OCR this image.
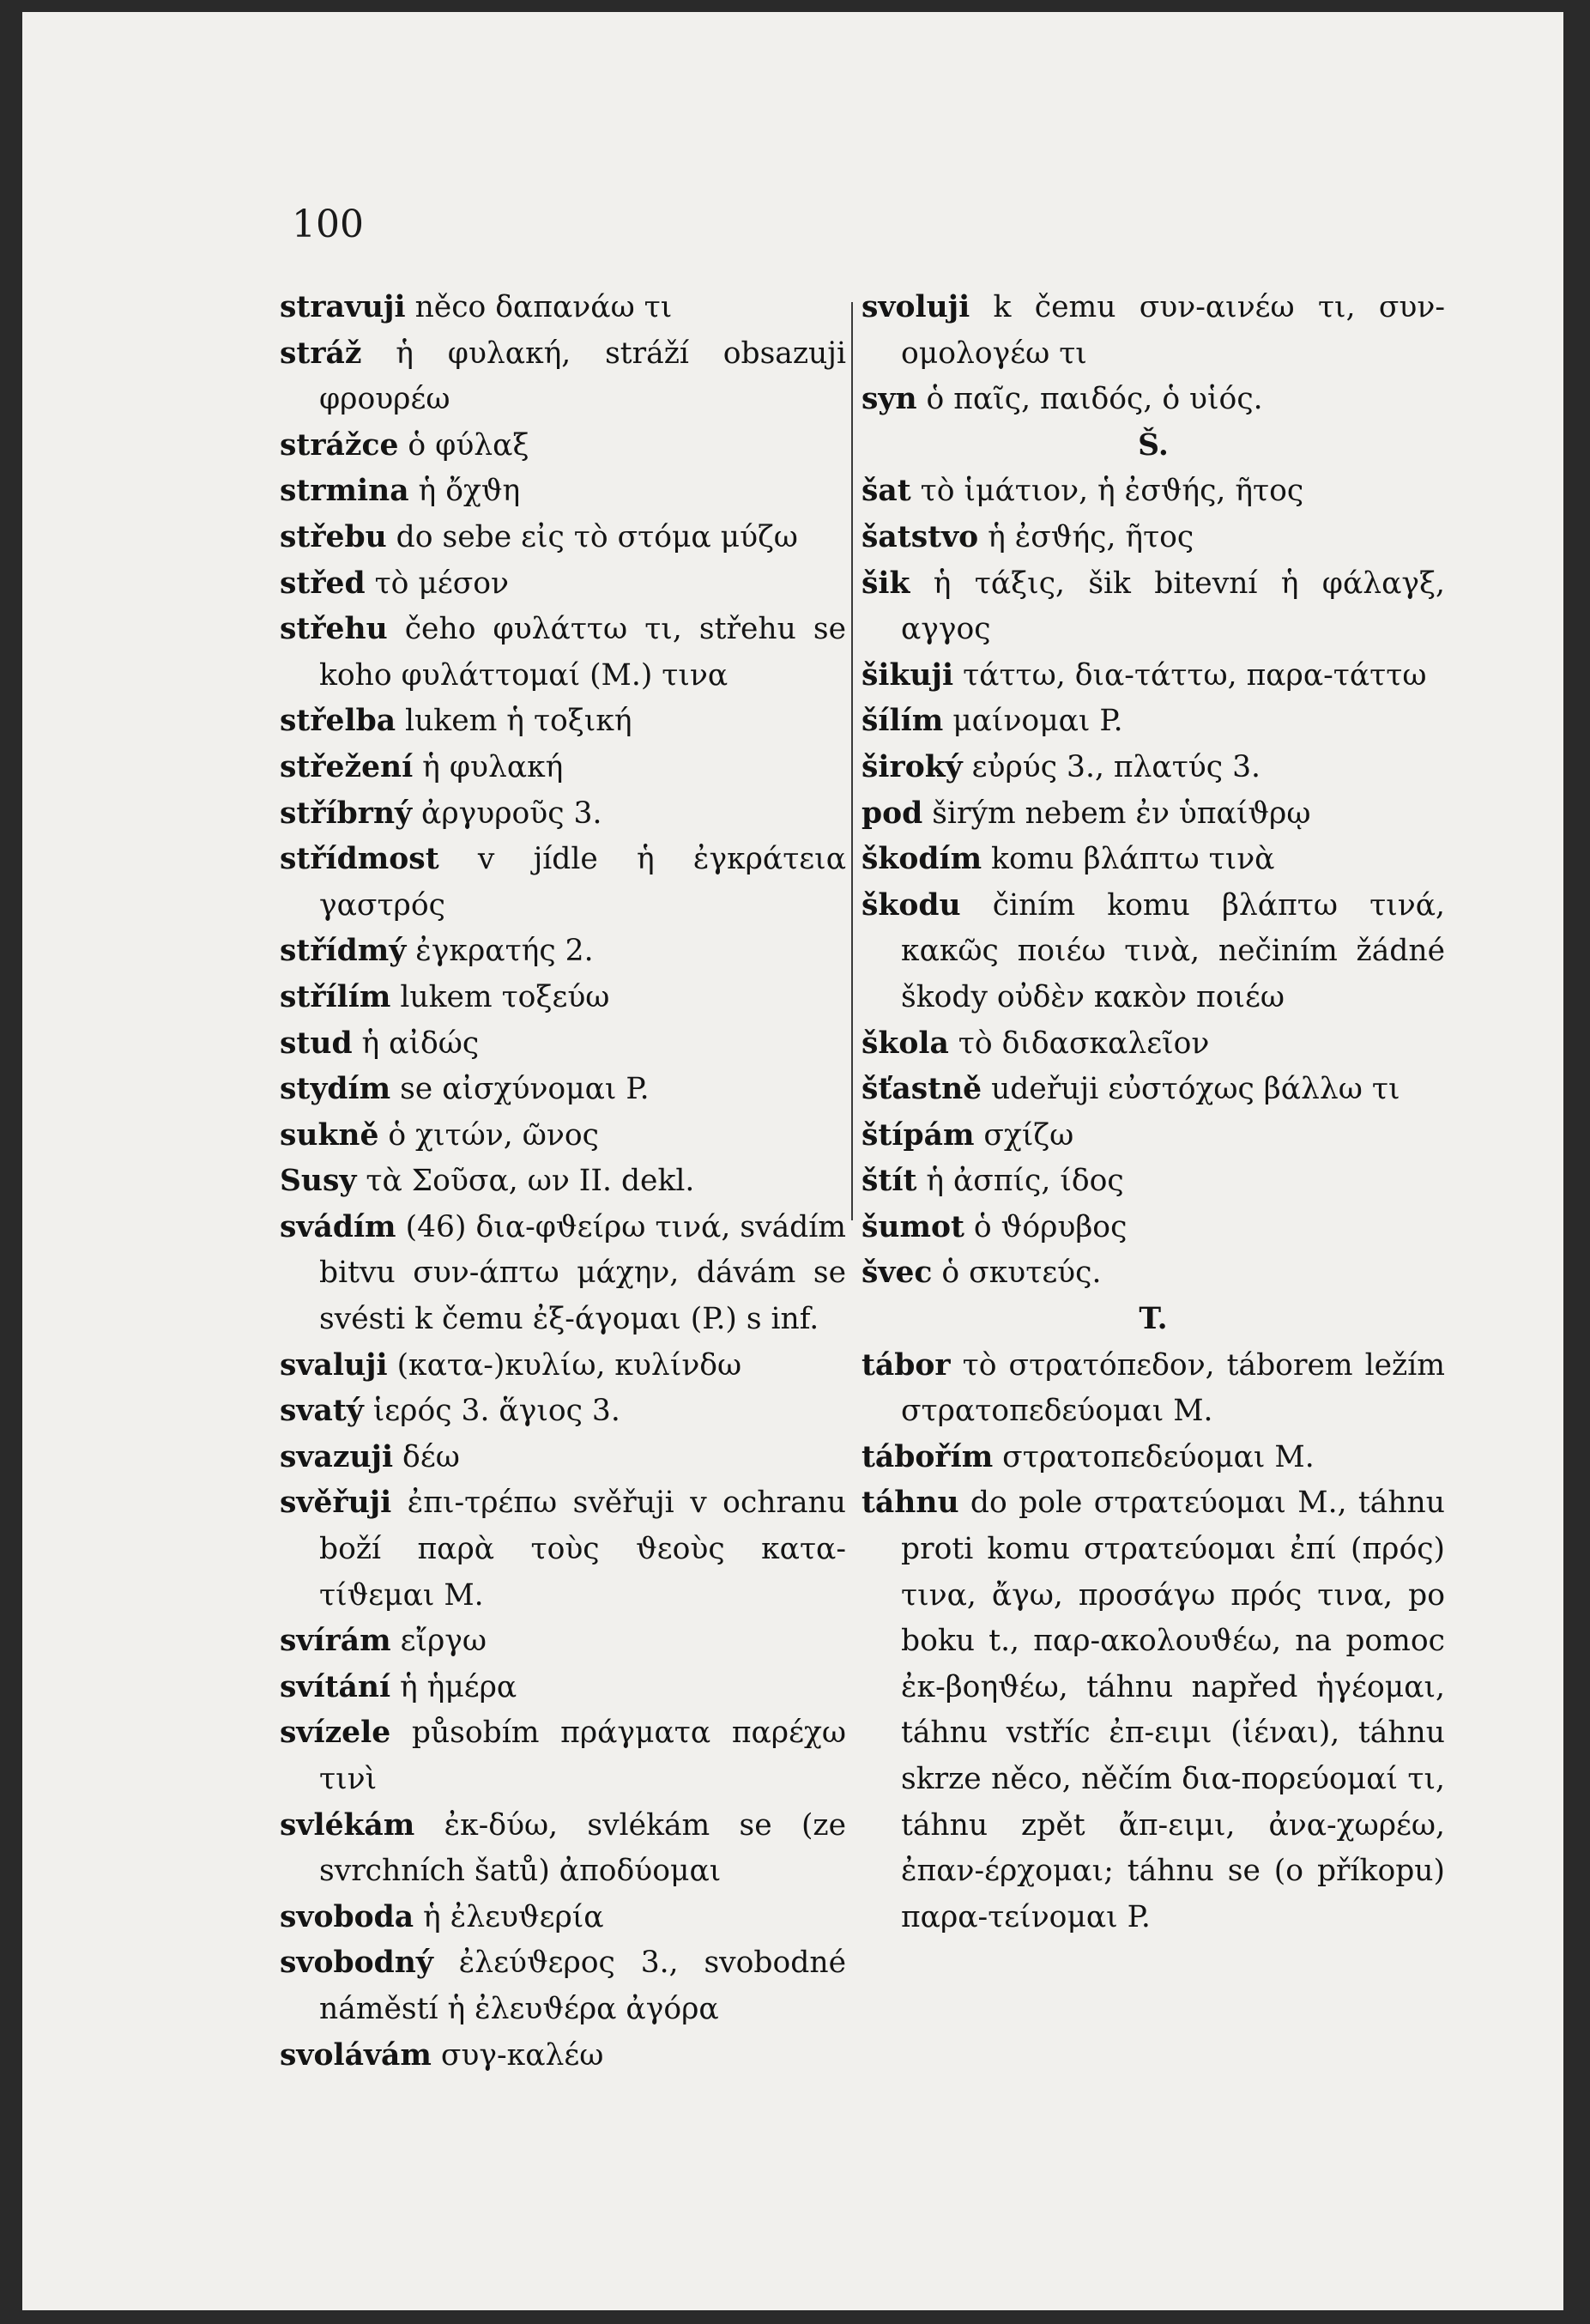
100

stravuji něco δαπανάω τι

stráž ἡ φυλακή, stráží obsazuji φρουρέω

strážce ὁ φύλαξ

strmina ἡ ὄχϑη

střebu do sebe εἰς τὸ στόμα μύζω

střed τὸ μέσον

střehu čeho φυλάττω τι, střehu se koho φυλάττομαί (M.) τινα

střelba lukem ἡ τοξική

střežení ἡ φυλακή

stříbrný ἀργυροῦς 3.

střídmost v jídle ἡ ἐγκράτεια γαστρός

střídmý ἐγκρατής 2.

střílím lukem τοξεύω

stud ἡ αἰδώς

stydím se αἰσχύνομαι P.

sukně ὁ χιτών, ῶνος

Susy τὰ Σοῦσα, ων II. dekl.

svádím (46) δια-φϑείρω τινά, svádím bitvu συν-άπτω μάχην, dávám se svésti k čemu ἐξ-άγομαι (P.) s inf.

svaluji (κατα-)κυλίω, κυλίνδω

svatý ἱερός 3. ἅγιος 3.

svazuji δέω

svěřuji ἐπι-τρέπω svěřuji v ochranu boží παρὰ τοὺς ϑεοὺς κατα-τίϑεμαι M.

svírám εἴργω

svítání ἡ ἡμέρα

svízele působím πράγματα παρέχω τινὶ

svlékám ἐκ-δύω, svlékám se (ze svrchních šatů) ἀποδύομαι

svoboda ἡ ἐλευϑερία

svobodný ἐλεύϑερος 3., svobodné náměstí ἡ ἐλευϑέρα ἀγόρα

svolávám συγ-καλέω

svoluji k čemu συν-αινέω τι, συν-ομολογέω τι

syn ὁ παῖς, παιδός, ὁ υἱός.

Š.

šat τὸ ἱμάτιον, ἡ ἐσϑής, ῆτος

šatstvo ἡ ἐσϑής, ῆτος

šik ἡ τάξις, šik bitevní ἡ φάλαγξ, αγγος

šikuji τάττω, δια-τάττω, παρα-τάττω

šílím μαίνομαι P.

široký εὐρύς 3., πλατύς 3.

pod širým nebem ἐν ὑπαίϑρῳ

škodím komu βλάπτω τινὰ

škodu činím komu βλάπτω τινά, κακῶς ποιέω τινὰ, nečiním žádné škody οὐδὲν κακὸν ποιέω

škola τὸ διδασκαλεῖον

šťastně udeřuji εὐστόχως βάλλω τι

štípám σχίζω

štít ἡ ἀσπίς, ίδος

šumot ὁ ϑόρυβος

švec ὁ σκυτεύς.

T.

tábor τὸ στρατόπεδον, táborem ležím στρατοπεδεύομαι M.

tábořím στρατοπεδεύομαι M.

táhnu do pole στρατεύομαι M., táhnu proti komu στρατεύομαι ἐπί (πρός) τινα, ἄγω, προσάγω πρός τινα, po boku t., παρ-ακολουϑέω, na pomoc ἐκ-βοηϑέω, táhnu napřed ἡγέομαι, táhnu vstříc ἐπ-ειμι (ἰέναι), táhnu skrze něco, něčím δια-πορεύομαί τι, táhnu zpět ἄπ-ειμι, ἀνα-χωρέω, ἐπαν-έρχομαι; táhnu se (o příkopu) παρα-τείνομαι P.
